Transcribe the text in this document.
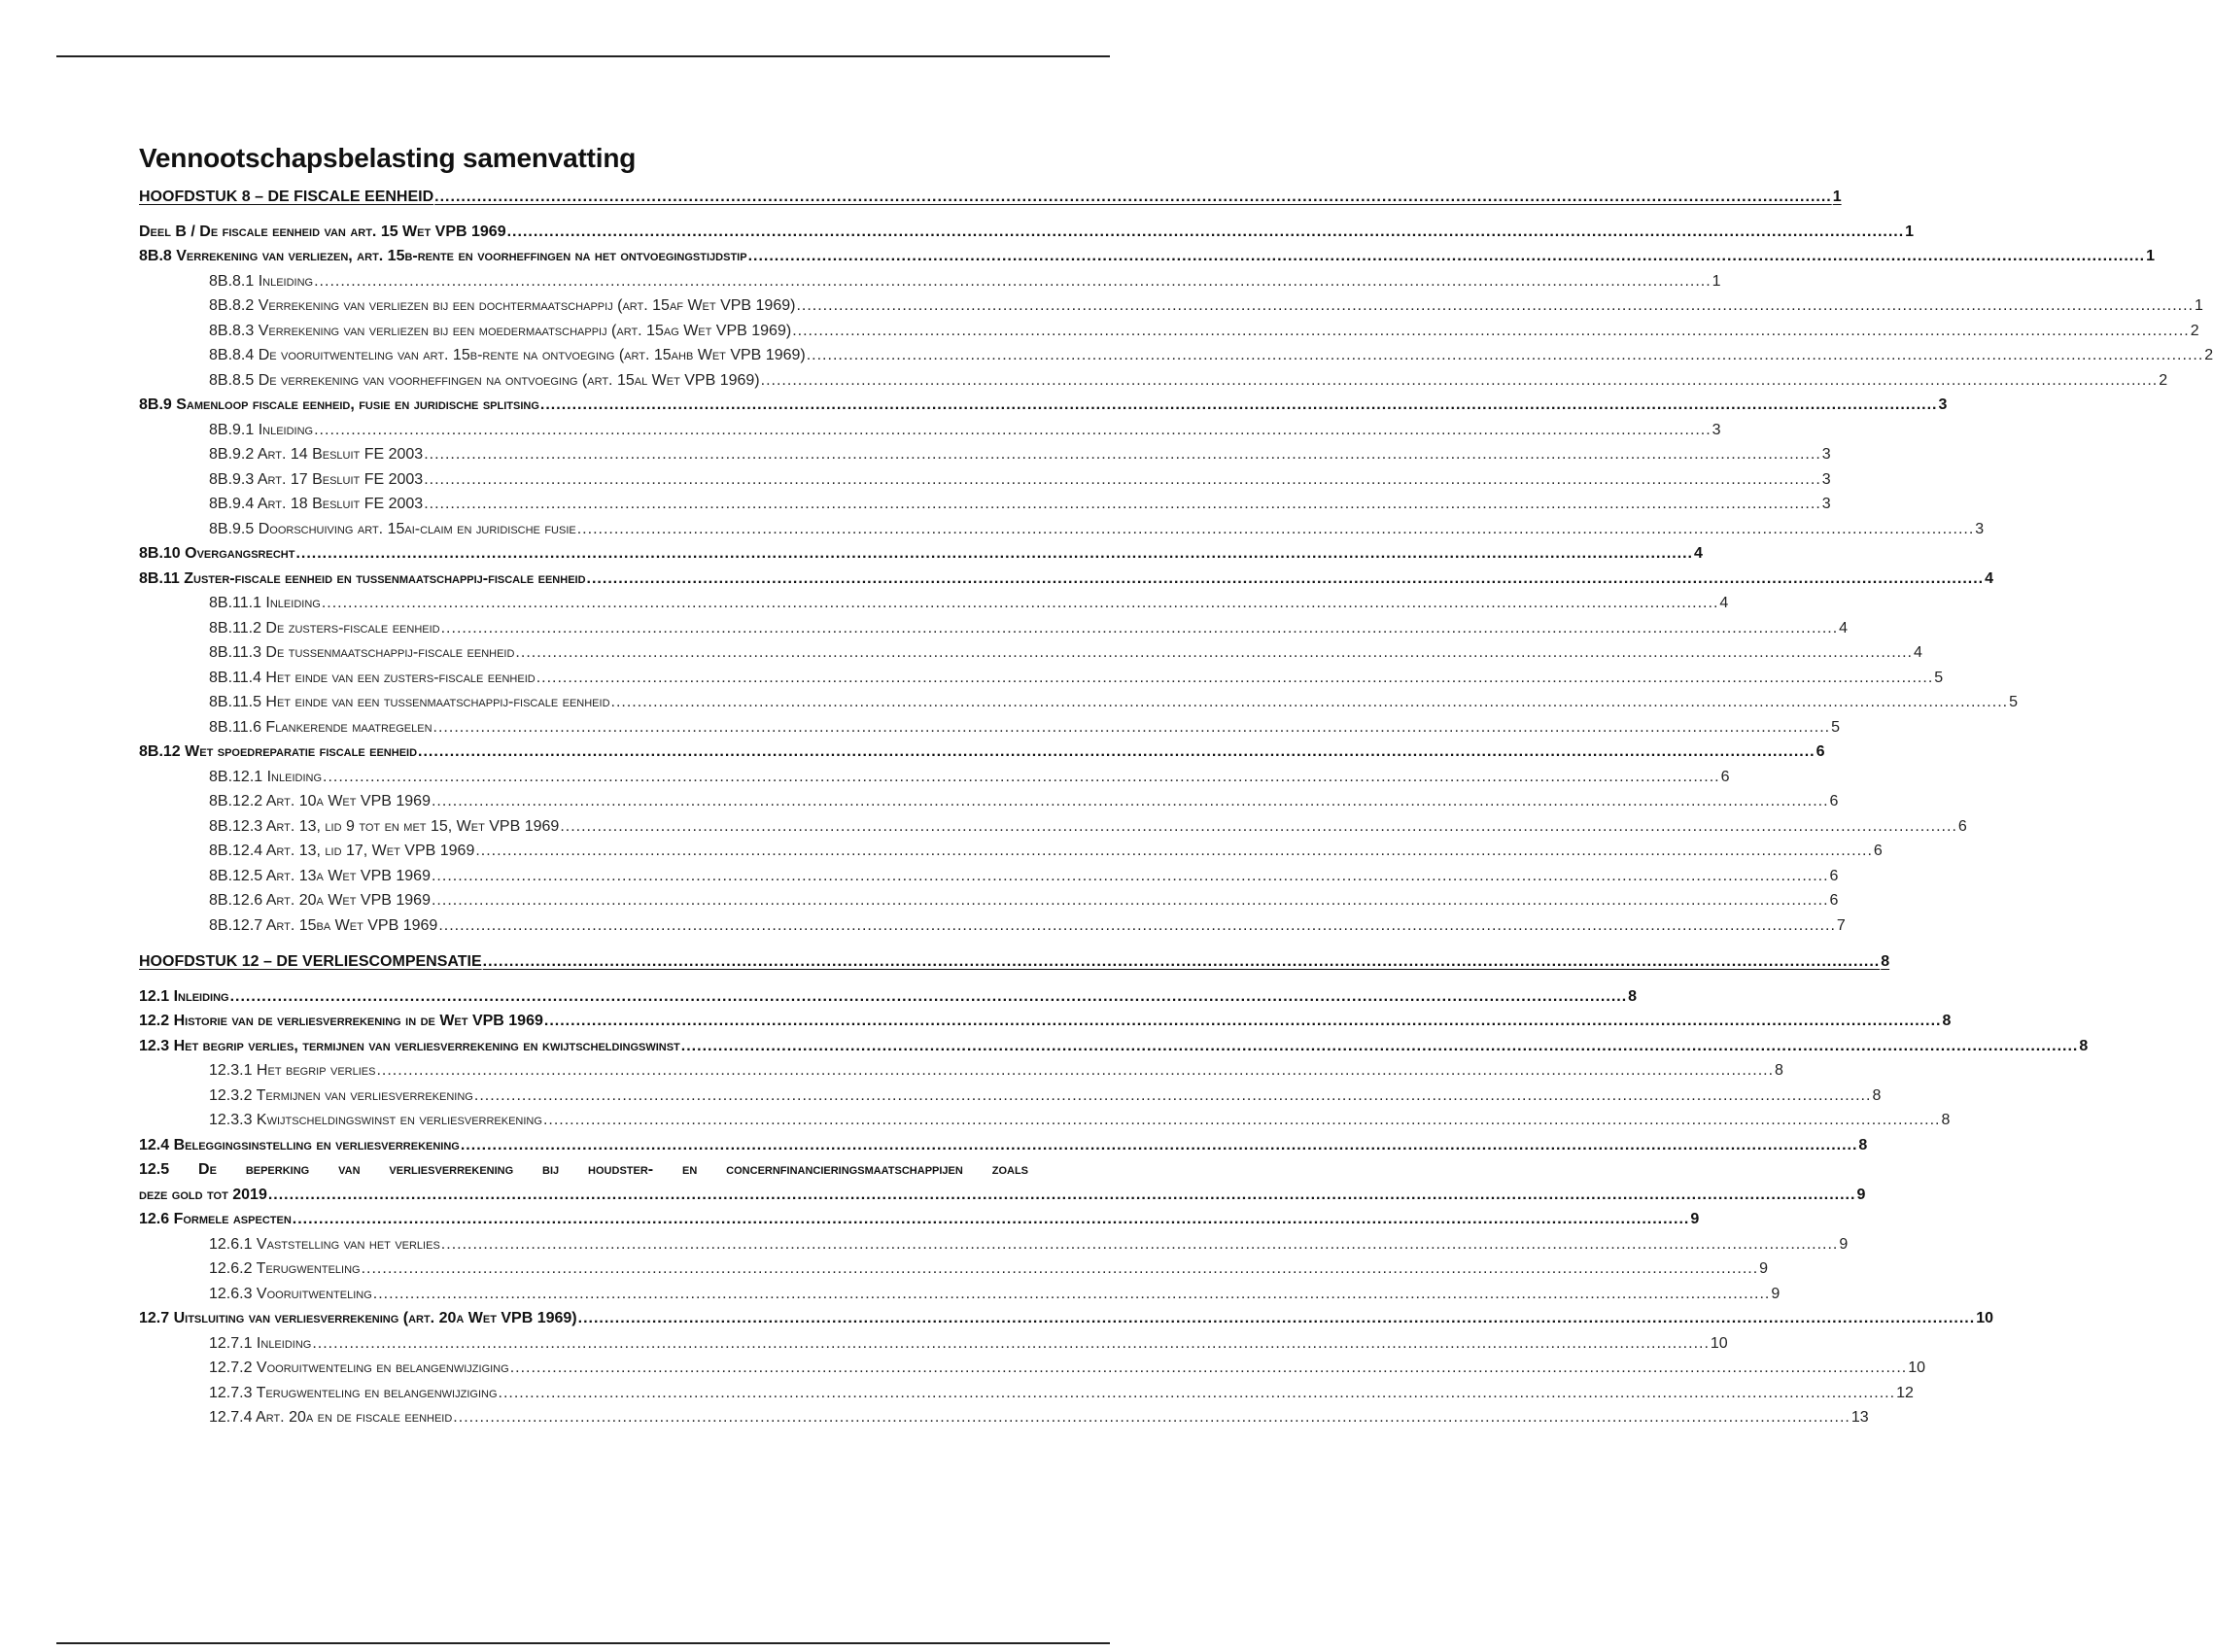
Vennootschapsbelasting samenvatting
HOOFDSTUK 8 – DE FISCALE EENHEID .....	1
Deel B / De fiscale eenheid van art. 15 Wet VPB 1969 .....	1
8B.8 Verrekening van verliezen, art. 15b-rente en voorheffingen na het ontvoegingstijdstip .....	1
8B.8.1 Inleiding .....	1
8B.8.2 Verrekening van verliezen bij een dochtermaatschappij (art. 15af Wet VPB 1969) .....	1
8B.8.3 Verrekening van verliezen bij een moedermaatschappij (art. 15ag Wet VPB 1969) .....	2
8B.8.4 De vooruitwenteling van art. 15b-rente na ontvoeging (art. 15ahb Wet VPB 1969) .....	2
8B.8.5 De verrekening van voorheffingen na ontvoeging (art. 15al Wet VPB 1969) .....	2
8B.9 Samenloop fiscale eenheid, fusie en juridische splitsing .....	3
8B.9.1 Inleiding .....	3
8B.9.2 Art. 14 Besluit FE 2003 .....	3
8B.9.3 Art. 17 Besluit FE 2003 .....	3
8B.9.4 Art. 18 Besluit FE 2003 .....	3
8B.9.5 Doorschuiving art. 15ai-claim en juridische fusie .....	3
8B.10 Overgangsrecht .....	4
8B.11 Zuster-fiscale eenheid en tussenmaatschappij-fiscale eenheid .....	4
8B.11.1 Inleiding .....	4
8B.11.2 De zusters-fiscale eenheid .....	4
8B.11.3 De tussenmaatschappij-fiscale eenheid .....	4
8B.11.4 Het einde van een zusters-fiscale eenheid .....	5
8B.11.5 Het einde van een tussenmaatschappij-fiscale eenheid .....	5
8B.11.6 Flankerende maatregelen .....	5
8B.12 Wet spoedreparatie fiscale eenheid .....	6
8B.12.1 Inleiding .....	6
8B.12.2 Art. 10a Wet VPB 1969 .....	6
8B.12.3 Art. 13, lid 9 tot en met 15, Wet VPB 1969 .....	6
8B.12.4 Art. 13, lid 17, Wet VPB 1969 .....	6
8B.12.5 Art. 13a Wet VPB 1969 .....	6
8B.12.6 Art. 20a Wet VPB 1969 .....	6
8B.12.7 Art. 15ba Wet VPB 1969 .....	7
HOOFDSTUK 12 – DE VERLIESCOMPENSATIE .....	8
12.1 Inleiding .....	8
12.2 Historie van de verliesverrekening in de Wet VPB 1969 .....	8
12.3 Het begrip verlies, termijnen van verliesverrekening en kwijtscheldingswinst .....	8
12.3.1 Het begrip verlies .....	8
12.3.2 Termijnen van verliesverrekening .....	8
12.3.3 Kwijtscheldingswinst en verliesverrekening .....	8
12.4 Beleggingsinstelling en verliesverrekening .....	8
12.5 De beperking van verliesverrekening bij houdster- en concernfinancieringsmaatschappijen zoals
deze gold tot 2019 ............................................................................................................................................................................................................................................................................................................ 9
12.6 Formele aspecten .....	9
12.6.1 Vaststelling van het verlies .....	9
12.6.2 Terugwenteling .....	9
12.6.3 Vooruitwenteling .....	9
12.7 Uitsluiting van verliesverrekening (art. 20a Wet VPB 1969) .....	10
12.7.1 Inleiding .....	10
12.7.2 Vooruitwenteling en belangenwijziging .....	10
12.7.3 Terugwenteling en belangenwijziging .....	12
12.7.4 Art. 20a en de fiscale eenheid .....	13
